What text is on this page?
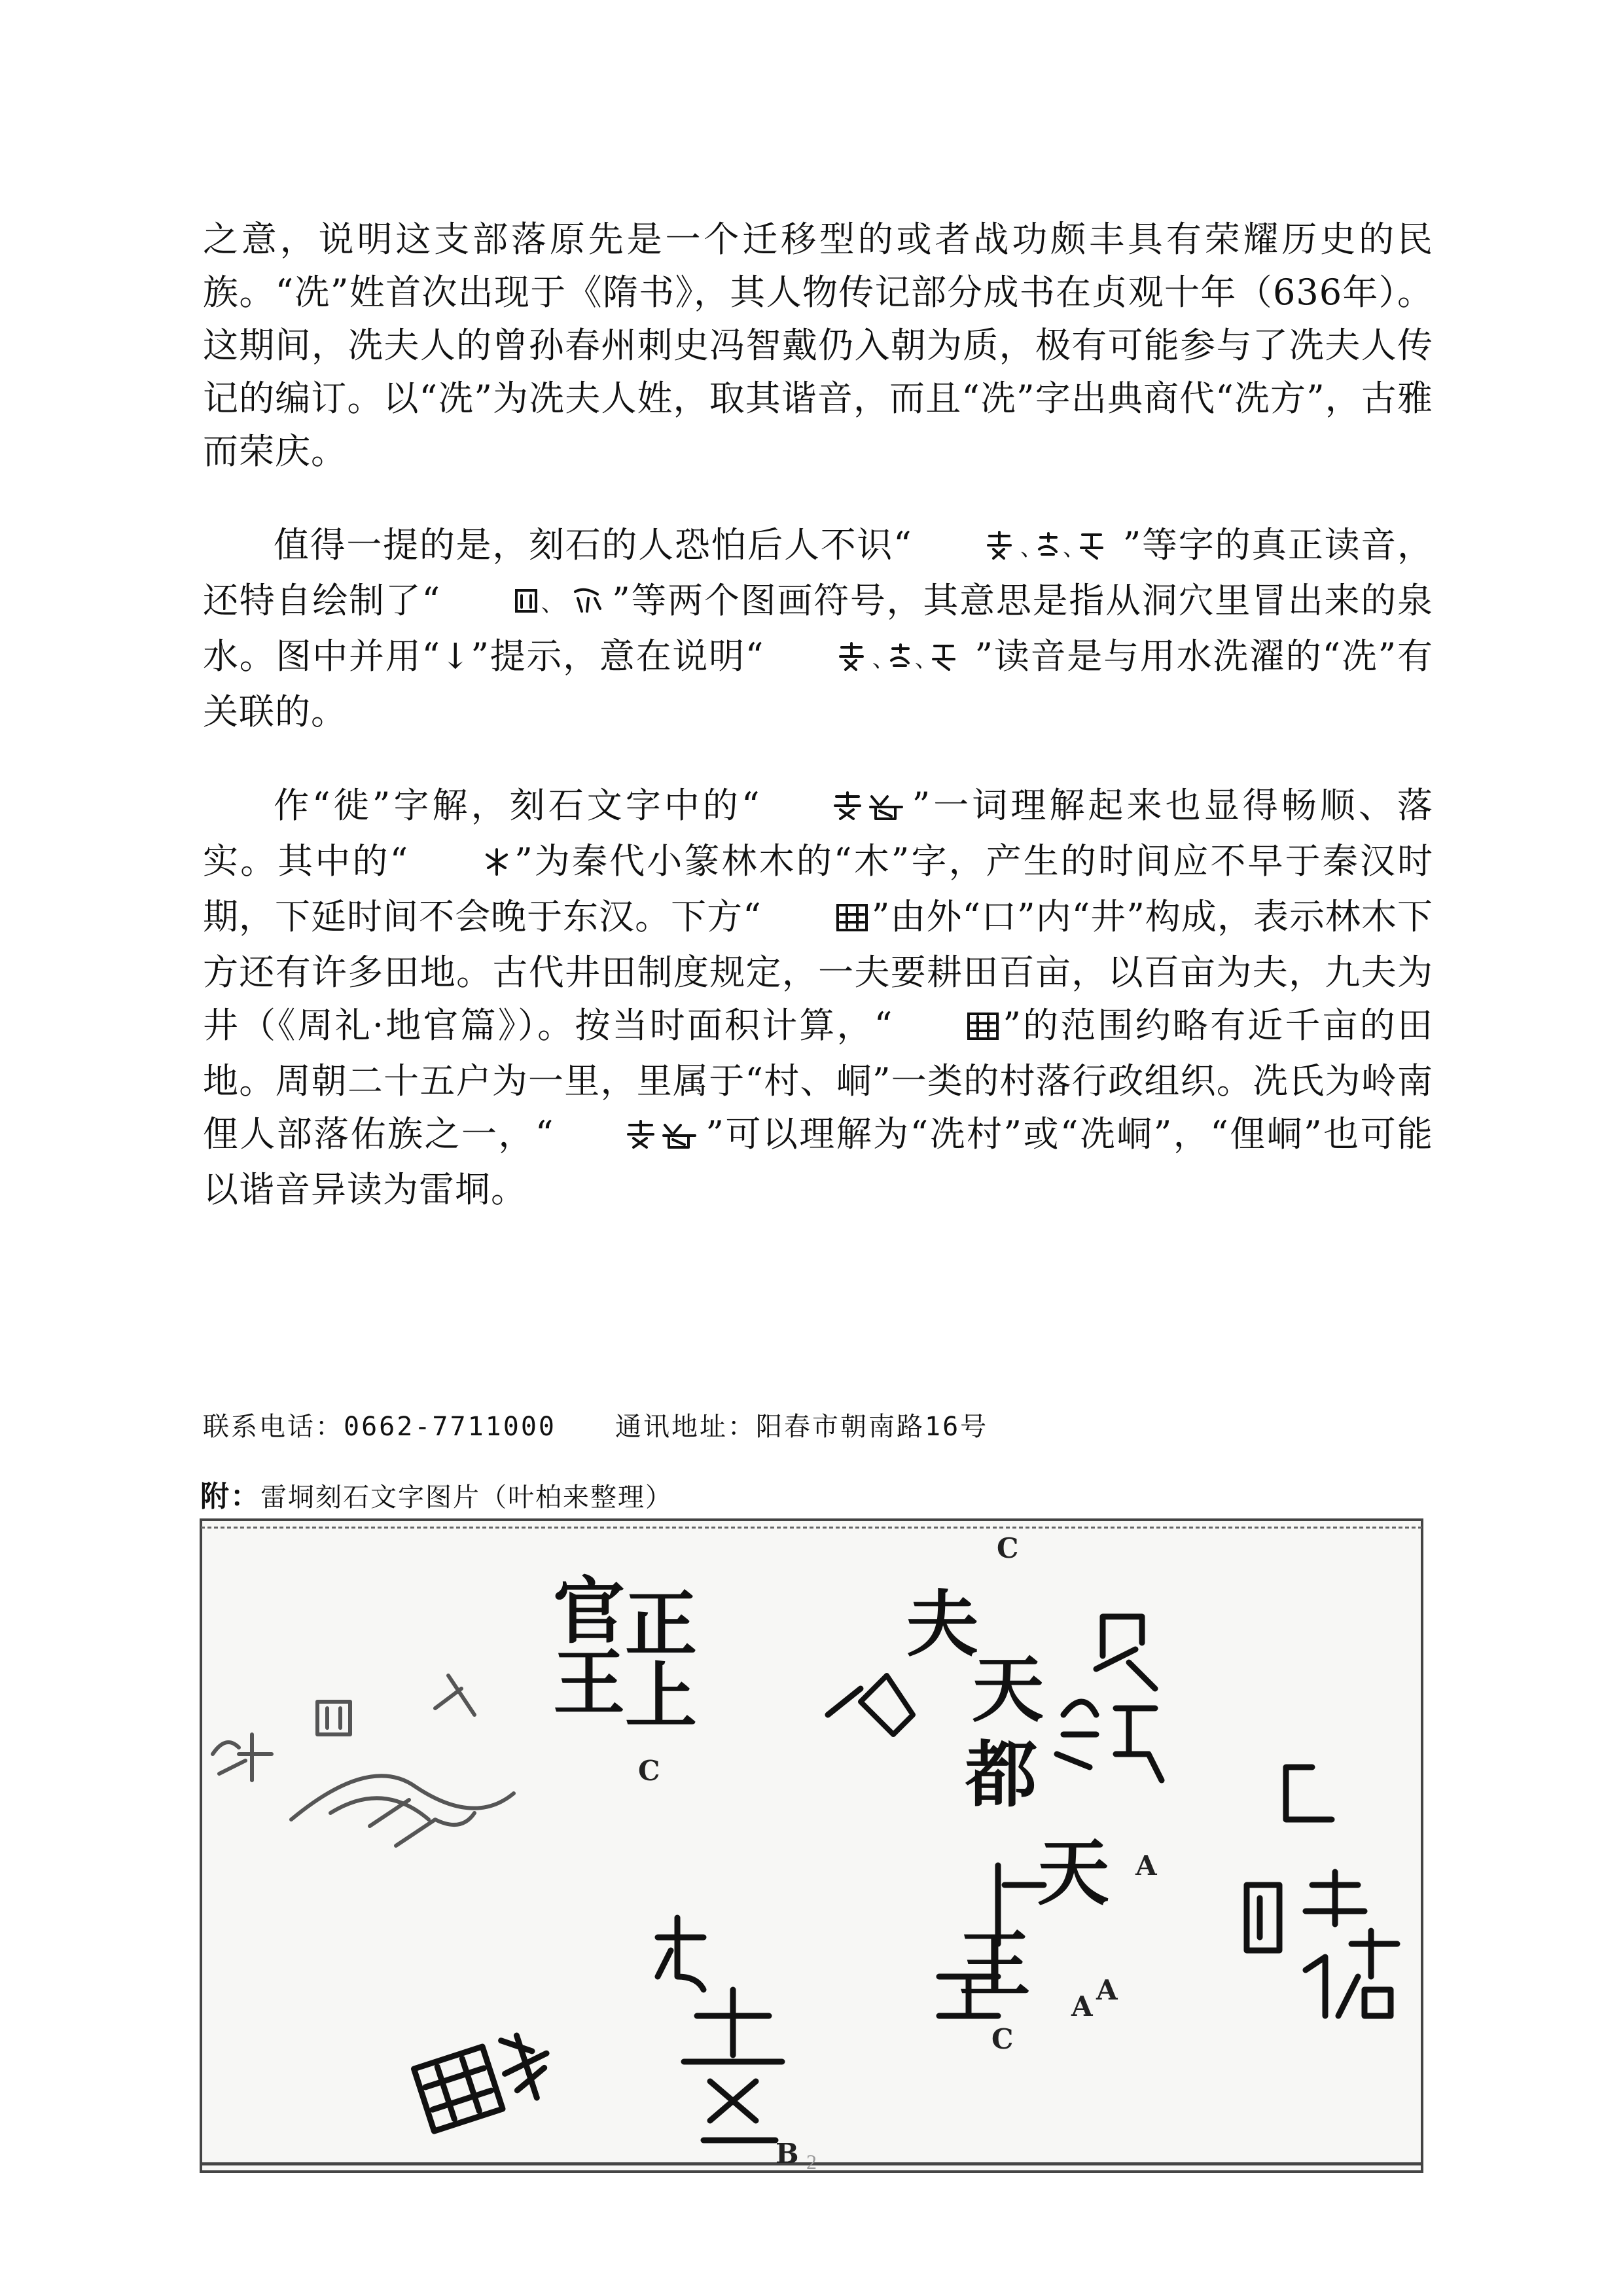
之意，说明这支部落原先是一个迁移型的或者战功颇丰具有荣耀历史的民族。“冼”姓首次出现于《隋书》，其人物传记部分成书在贞观十年（636年）。这期间，冼夫人的曾孙春州刺史冯智戴仍入朝为质，极有可能参与了冼夫人传记的编订。以“冼”为冼夫人姓，取其谐音，而且“冼”字出典商代“冼方”，古雅而荣庆。

值得一提的是，刻石的人恐怕后人不识“	、 、 ”等字的真正读音，还特自绘制了“	、 ”等两个图画符号，其意思是指从洞穴里冒出来的泉水。图中并用“↓”提示，意在说明“	、 、 ”读音是与用水洗濯的“冼”有关联的。

作“徙”字解，刻石文字中的“	”一词理解起来也显得畅顺、落实。其中的“	”为秦代小篆林木的“木”字，产生的时间应不早于秦汉时期，下延时间不会晚于东汉。下方“	”由外“口”内“井”构成，表示林木下方还有许多田地。古代井田制度规定，一夫要耕田百亩，以百亩为夫，九夫为井（《周礼·地官篇》）。按当时面积计算，“	”的范围约略有近千亩的田地。周朝二十五户为一里，里属于“村、峒”一类的村落行政组织。冼氏为岭南俚人部落佑族之一，“	”可以理解为“冼村”或“冼峒”，“俚峒”也可能以谐音异读为雷垌。

联系电话：0662-7711000 通讯地址：阳春市朝南路16号
附：雷垌刻石文字图片（叶柏来整理）
官 正
王 上
夫
天
都
王
天
C
C
A
A
A
C
B 2
